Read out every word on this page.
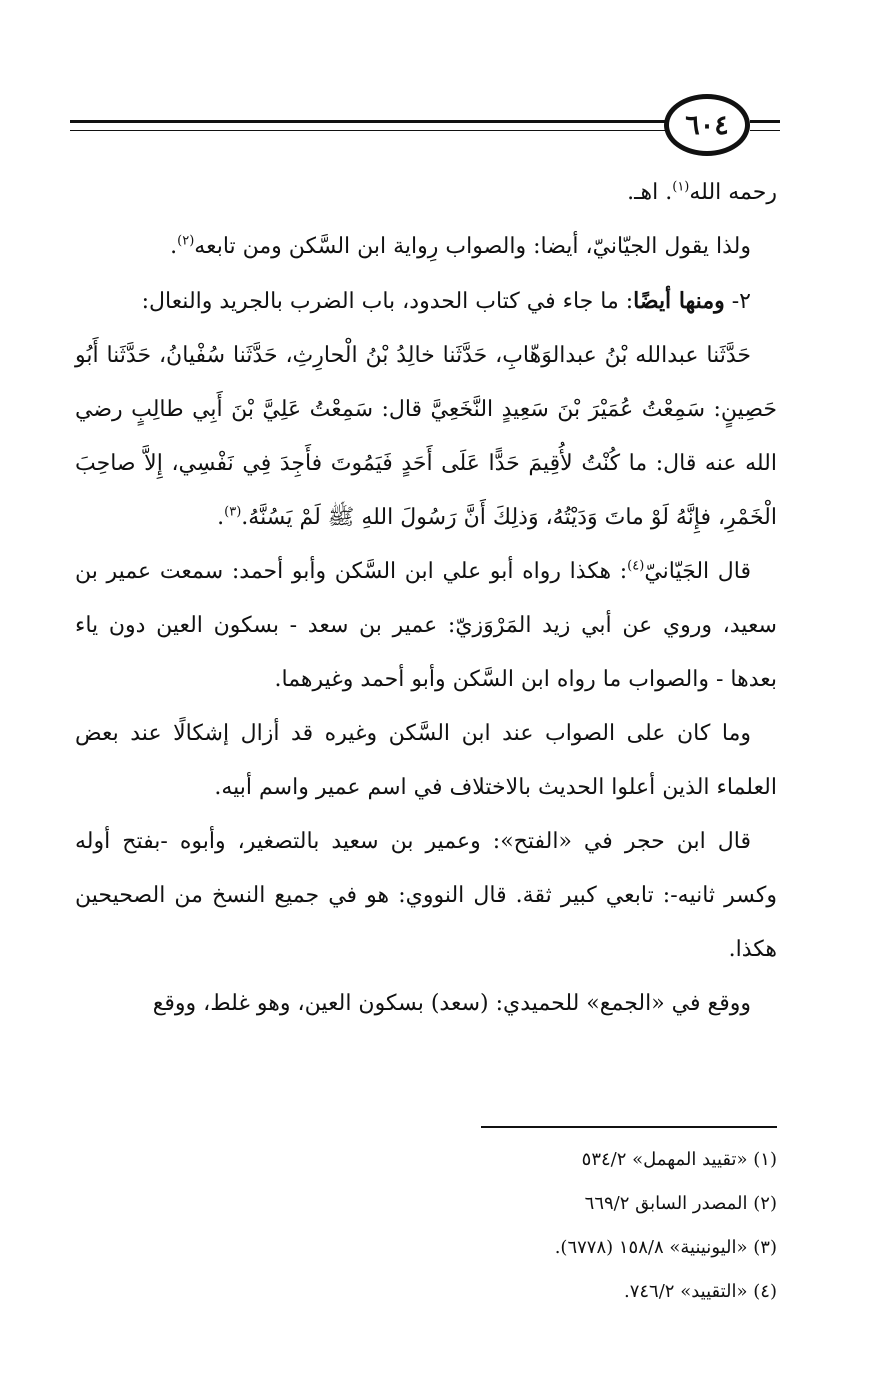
٦٠٤

رحمه الله$^{(١)}$. اهـ.

ولذا يقول الجيّانيّ، أيضا: والصواب رِواية ابن السَّكن ومن تابعه$^{(٢)}$.

٢- ومنها أيضًا: ما جاء في كتاب الحدود، باب الضرب بالجريد والنعال:

حَدَّثَنا عبدالله بْنُ عبدالوَهّابِ، حَدَّثَنا خالِدُ بْنُ الْحارِثِ، حَدَّثَنا سُفْيانُ، حَدَّثَنا أَبُو حَصِينٍ: سَمِعْتُ عُمَيْرَ بْنَ سَعِيدٍ النَّخَعِيَّ قال: سَمِعْتُ عَلِيَّ بْنَ أَبِي طالِبٍ رضي الله عنه قال: ما كُنْتُ لأُقِيمَ حَدًّا عَلَى أَحَدٍ فَيَمُوتَ فأَجِدَ فِي نَفْسِي، إِلاَّ صاحِبَ الْخَمْرِ، فإِنَّهُ لَوْ ماتَ وَدَيْتُهُ، وَذلِكَ أَنَّ رَسُولَ اللهِ ﷺ لَمْ يَسُنَّهُ.$^{(٣)}$.

قال الجَيّانيّ$^{(٤)}$: هكذا رواه أبو علي ابن السَّكن وأبو أحمد: سمعت عمير بن سعيد، وروي عن أبي زيد المَرْوَزيّ: عمير بن سعد - بسكون العين دون ياء بعدها - والصواب ما رواه ابن السَّكن وأبو أحمد وغيرهما.

وما كان على الصواب عند ابن السَّكن وغيره قد أزال إشكالًا عند بعض العلماء الذين أعلوا الحديث بالاختلاف في اسم عمير واسم أبيه.

قال ابن حجر في «الفتح»: وعمير بن سعيد بالتصغير، وأبوه -بفتح أوله وكسر ثانيه-: تابعي كبير ثقة. قال النووي: هو في جميع النسخ من الصحيحين هكذا.

ووقع في «الجمع» للحميدي: (سعد) بسكون العين، وهو غلط، ووقع

(١) «تقييد المهمل» ٥٣٤/٢

(٢) المصدر السابق ٦٦٩/٢

(٣) «اليونينية» ١٥٨/٨ (٦٧٧٨).

(٤) «التقييد» ٧٤٦/٢.
